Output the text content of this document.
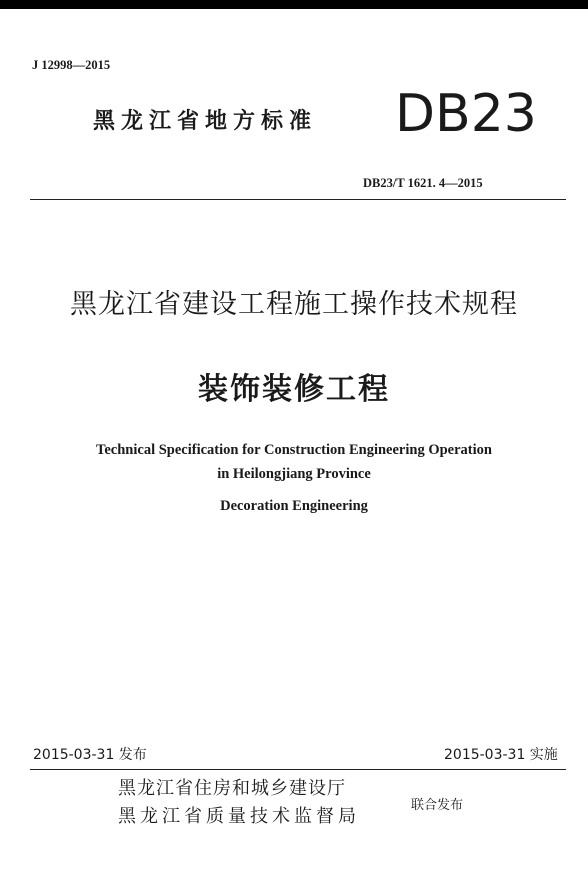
J 12998—2015
黑龙江省地方标准 DB23
DB23/T 1621. 4—2015
黑龙江省建设工程施工操作技术规程
装饰装修工程
Technical Specification for Construction Engineering Operation
in Heilongjiang Province
Decoration Engineering
2015-03-31 发布	2015-03-31 实施
黑龙江省住房和城乡建设厅
黑龙江省质量技术监督局
联合发布
